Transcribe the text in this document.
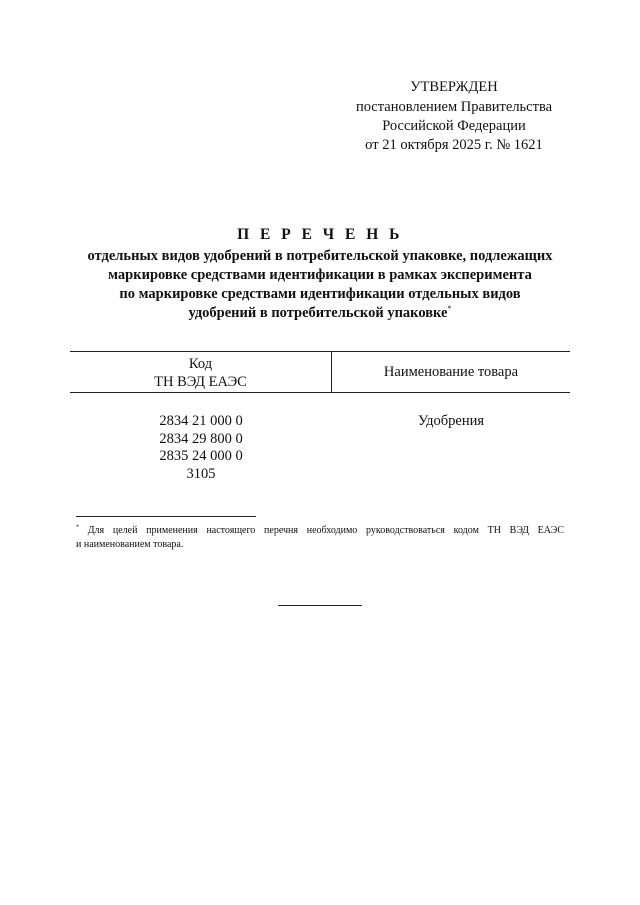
УТВЕРЖДЕН
постановлением Правительства
Российской Федерации
от 21 октября 2025 г. № 1621
П Е Р Е Ч Е Н Ь
отдельных видов удобрений в потребительской упаковке, подлежащих
маркировке средствами идентификации в рамках эксперимента
по маркировке средствами идентификации отдельных видов
удобрений в потребительской упаковке*
Код
ТН ВЭД ЕАЭС
Наименование товара
2834 21 000 0
2834 29 800 0
2835 24 000 0
3105
Удобрения
* Для целей применения настоящего перечня необходимо руководствоваться кодом ТН ВЭД ЕАЭС
и наименованием товара.
